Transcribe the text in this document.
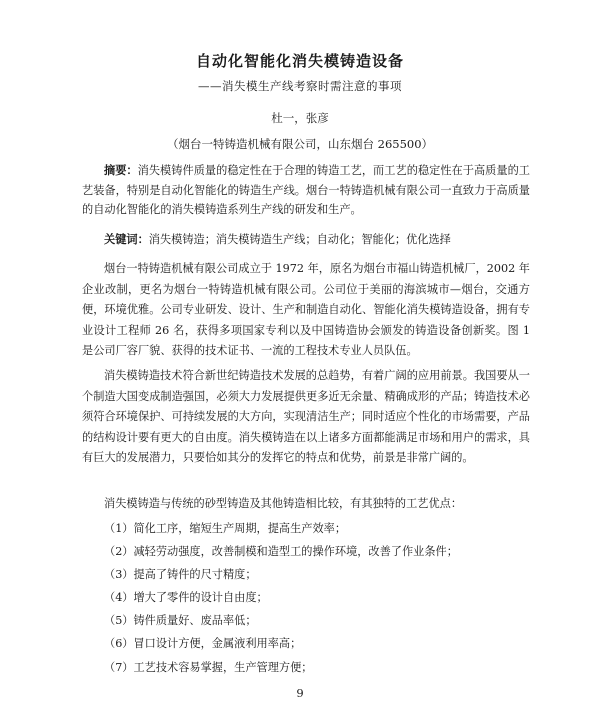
自动化智能化消失模铸造设备
——消失模生产线考察时需注意的事项
杜一，张彦
（烟台一特铸造机械有限公司，山东烟台 265500）
摘要：消失模铸件质量的稳定性在于合理的铸造工艺，而工艺的稳定性在于高质量的工艺装备，特别是自动化智能化的铸造生产线。烟台一特铸造机械有限公司一直致力于高质量的自动化智能化的消失模铸造系列生产线的研发和生产。
关键词：消失模铸造；消失模铸造生产线；自动化；智能化；优化选择
烟台一特铸造机械有限公司成立于 1972 年，原名为烟台市福山铸造机械厂，2002 年企业改制，更名为烟台一特铸造机械有限公司。公司位于美丽的海滨城市—烟台，交通方便，环境优雅。公司专业研发、设计、生产和制造自动化、智能化消失模铸造设备，拥有专业设计工程师 26 名，获得多项国家专利以及中国铸造协会颁发的铸造设备创新奖。图 1 是公司厂容厂貌、获得的技术证书、一流的工程技术专业人员队伍。
消失模铸造技术符合新世纪铸造技术发展的总趋势，有着广阔的应用前景。我国要从一个制造大国变成制造强国，必须大力发展提供更多近无余量、精确成形的产品；铸造技术必须符合环境保护、可持续发展的大方向，实现清洁生产；同时适应个性化的市场需要，产品的结构设计要有更大的自由度。消失模铸造在以上诸多方面都能满足市场和用户的需求，具有巨大的发展潜力，只要恰如其分的发挥它的特点和优势，前景是非常广阔的。
消失模铸造与传统的砂型铸造及其他铸造相比较，有其独特的工艺优点：
（1）简化工序，缩短生产周期，提高生产效率；
（2）减轻劳动强度，改善制模和造型工的操作环境，改善了作业条件；
（3）提高了铸件的尺寸精度；
（4）增大了零件的设计自由度；
（5）铸件质量好、废品率低；
（6）冒口设计方便，金属液利用率高；
（7）工艺技术容易掌握，生产管理方便；
9
